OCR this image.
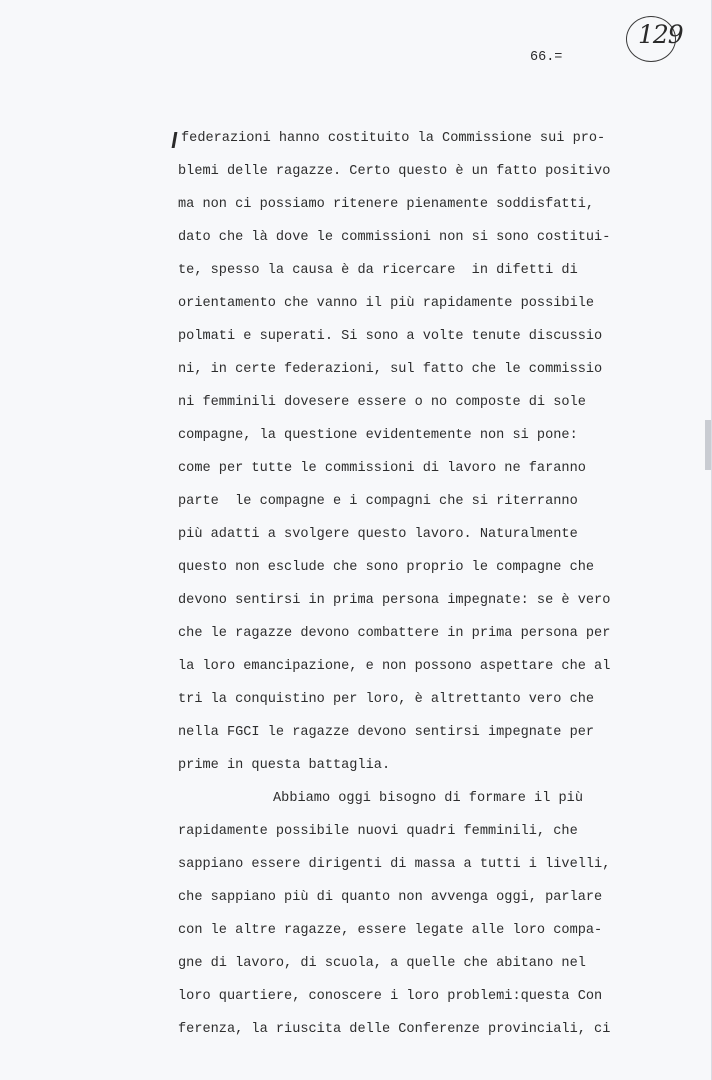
129
66.=
federazioni hanno costituito la Commissione sui pro-
blemi delle ragazze. Certo questo è un fatto positivo
ma non ci possiamo ritenere pienamente soddisfatti,
dato che là dove le commissioni non si sono costitui-
te, spesso la causa è da ricercare  in difetti di
orientamento che vanno il più rapidamente possibile
polmati e superati. Si sono a volte tenute discussio
ni, in certe federazioni, sul fatto che le commissio
ni femminili dovesere essere o no composte di sole
compagne, la questione evidentemente non si pone:
come per tutte le commissioni di lavoro ne faranno
parte  le compagne e i compagni che si riterranno
più adatti a svolgere questo lavoro. Naturalmente
questo non esclude che sono proprio le compagne che
devono sentirsi in prima persona impegnate: se è vero
che le ragazze devono combattere in prima persona per
la loro emancipazione, e non possono aspettare che al
tri la conquistino per loro, è altrettanto vero che
nella FGCI le ragazze devono sentirsi impegnate per
prime in questa battaglia.
Abbiamo oggi bisogno di formare il più
rapidamente possibile nuovi quadri femminili, che
sappiano essere dirigenti di massa a tutti i livelli,
che sappiano più di quanto non avvenga oggi, parlare
con le altre ragazze, essere legate alle loro compa-
gne di lavoro, di scuola, a quelle che abitano nel
loro quartiere, conoscere i loro problemi:questa Con
ferenza, la riuscita delle Conferenze provinciali, ci
